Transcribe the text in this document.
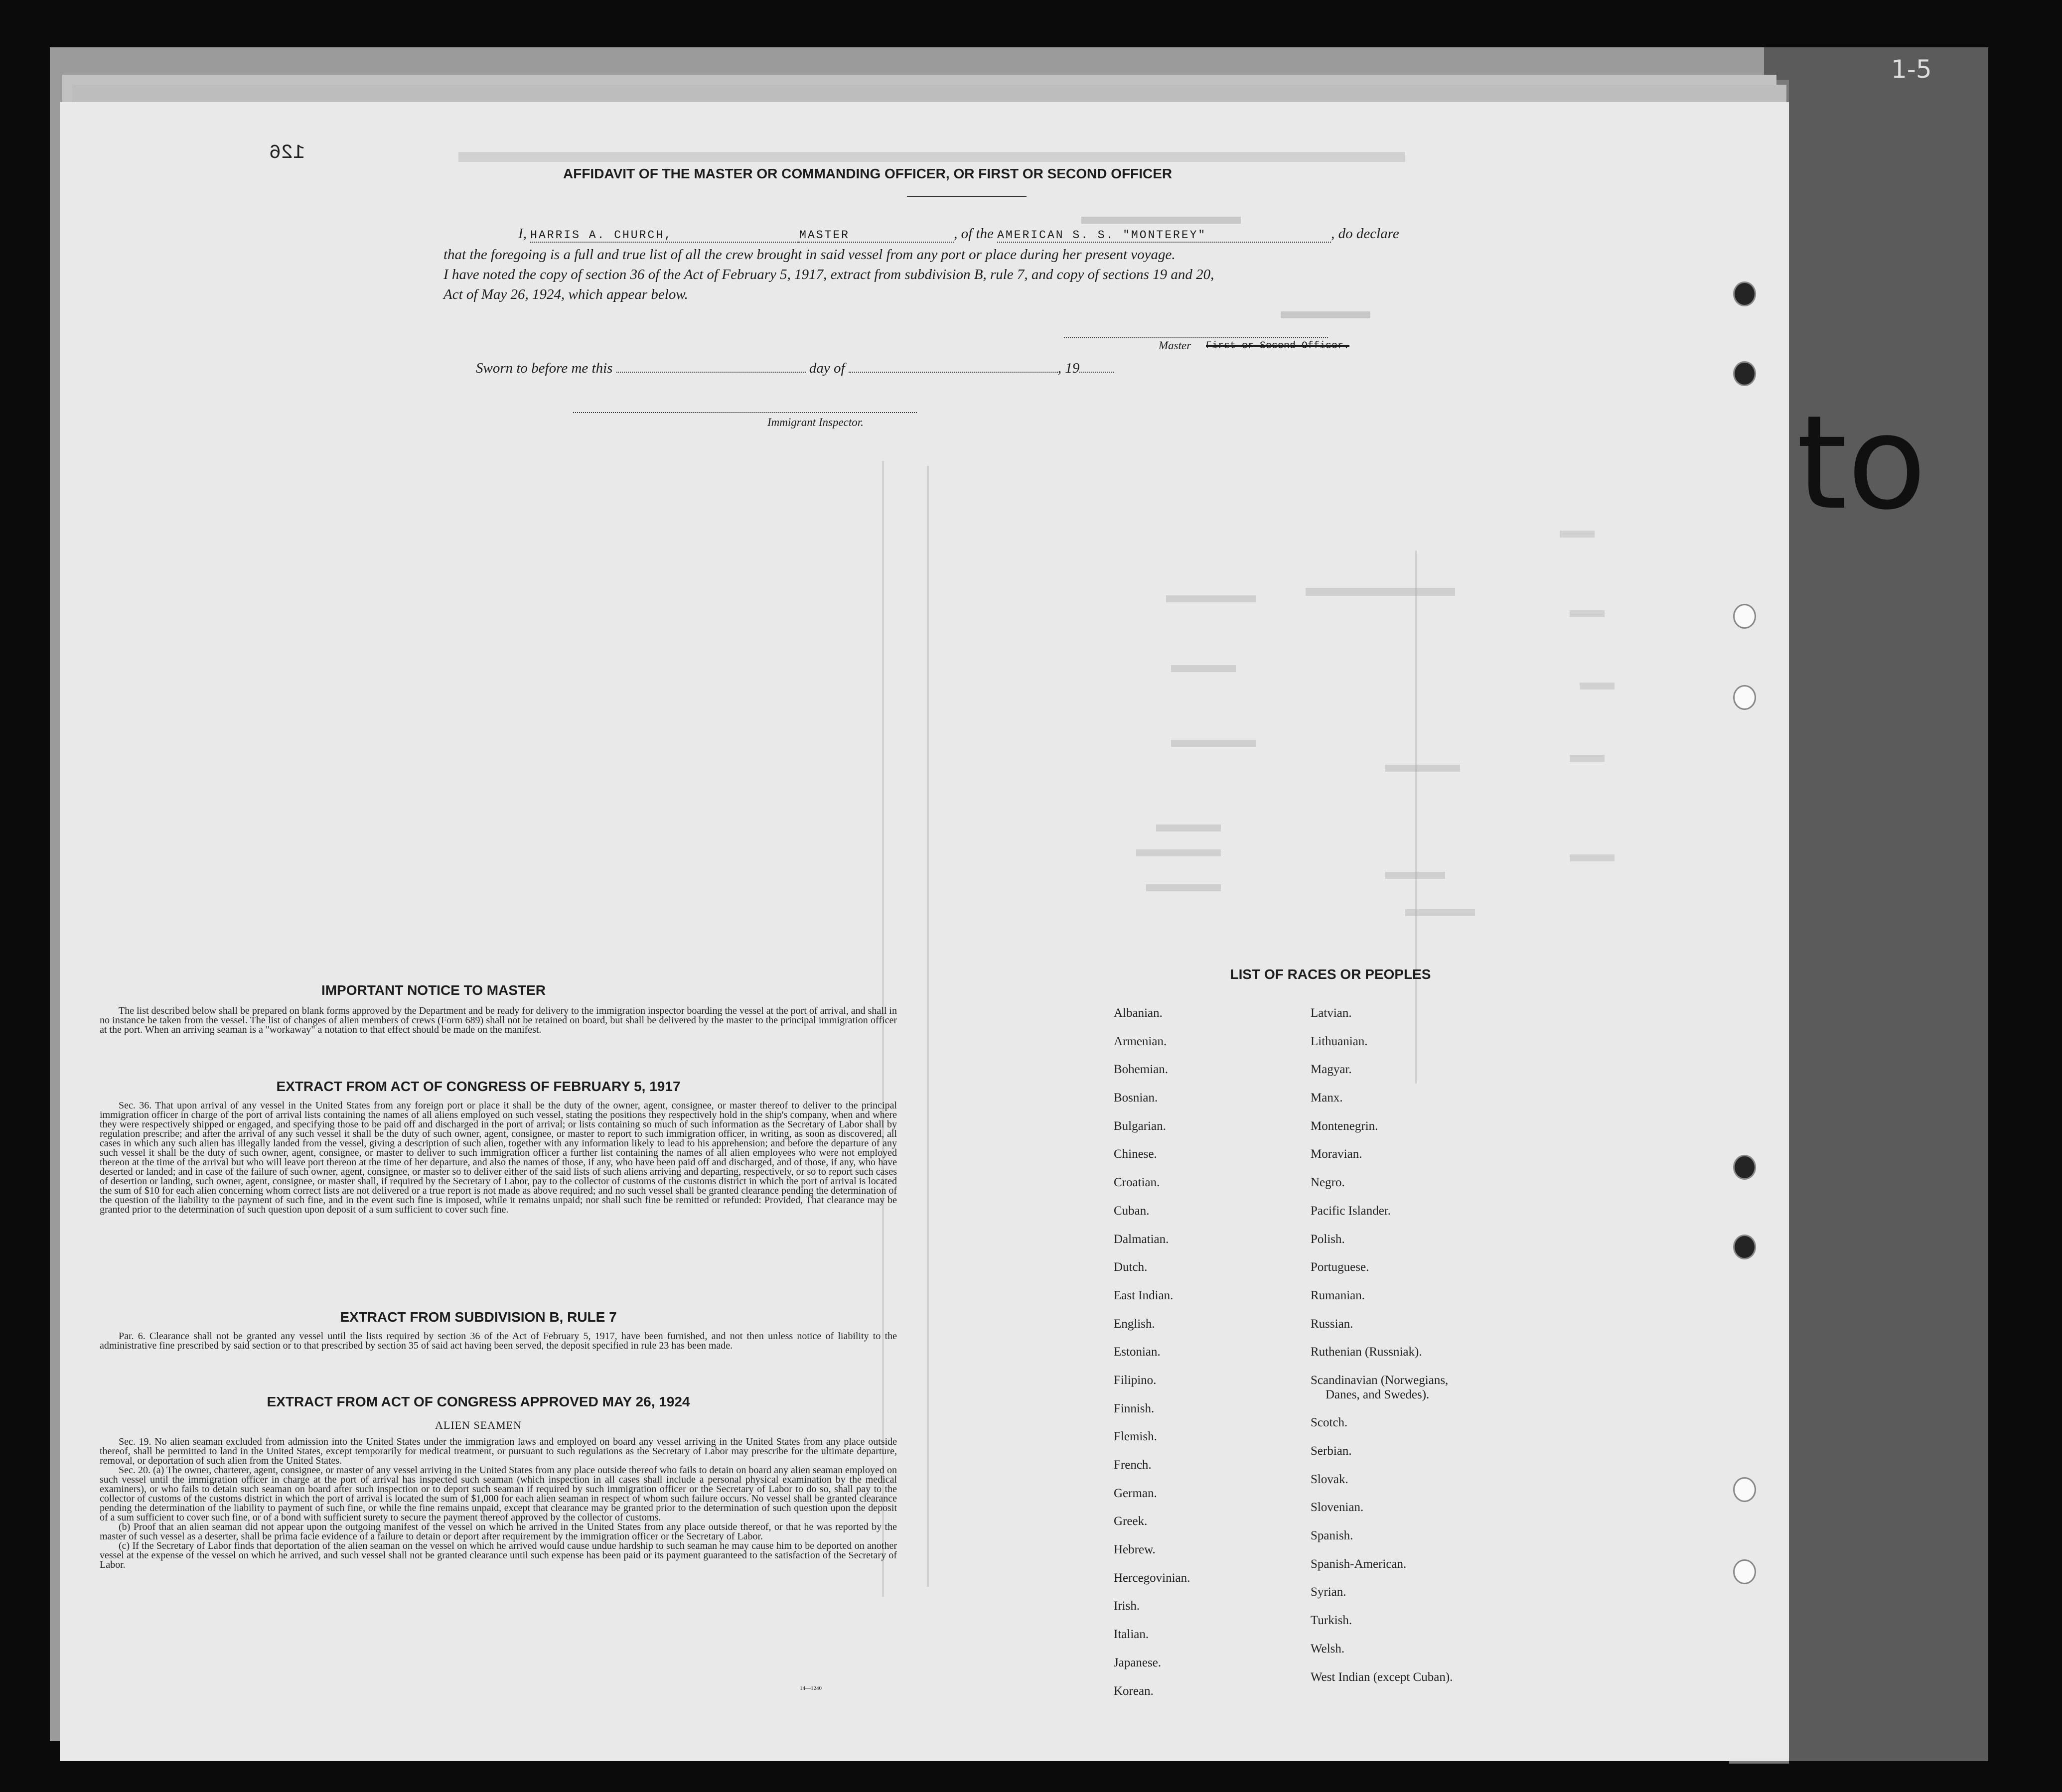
1-5
to
126
AFFIDAVIT OF THE MASTER OR COMMANDING OFFICER, OR FIRST OR SECOND OFFICER
I, HARRIS A. CHURCH,	MASTER	, of the AMERICAN S. S. "MONTEREY"	, do declare
that the foregoing is a full and true list of all the crew brought in said vessel from any port or place during her present voyage.
I have noted the copy of section 36 of the Act of February 5, 1917, extract from subdivision B, rule 7, and copy of sections 19 and 20,
Act of May 26, 1924, which appear below.
Master First or Second Officer.
Sworn to before me this	day of	, 19
Immigrant Inspector.
IMPORTANT NOTICE TO MASTER

The list described below shall be prepared on blank forms approved by the Department and be ready for delivery to the immigration inspector boarding the vessel at the port of arrival, and shall in no instance be taken from the vessel. The list of changes of alien members of crews (Form 689) shall not be retained on board, but shall be delivered by the master to the principal immigration officer at the port. When an arriving seaman is a "workaway" a notation to that effect should be made on the manifest.

EXTRACT FROM ACT OF CONGRESS OF FEBRUARY 5, 1917

Sec. 36. That upon arrival of any vessel in the United States from any foreign port or place it shall be the duty of the owner, agent, consignee, or master thereof to deliver to the principal immigration officer in charge of the port of arrival lists containing the names of all aliens employed on such vessel, stating the positions they respectively hold in the ship's company, when and where they were respectively shipped or engaged, and specifying those to be paid off and discharged in the port of arrival; or lists containing so much of such information as the Secretary of Labor shall by regulation prescribe; and after the arrival of any such vessel it shall be the duty of such owner, agent, consignee, or master to report to such immigration officer, in writing, as soon as discovered, all cases in which any such alien has illegally landed from the vessel, giving a description of such alien, together with any information likely to lead to his apprehension; and before the departure of any such vessel it shall be the duty of such owner, agent, consignee, or master to deliver to such immigration officer a further list containing the names of all alien employees who were not employed thereon at the time of the arrival but who will leave port thereon at the time of her departure, and also the names of those, if any, who have been paid off and discharged, and of those, if any, who have deserted or landed; and in case of the failure of such owner, agent, consignee, or master so to deliver either of the said lists of such aliens arriving and departing, respectively, or so to report such cases of desertion or landing, such owner, agent, consignee, or master shall, if required by the Secretary of Labor, pay to the collector of customs of the customs district in which the port of arrival is located the sum of $10 for each alien concerning whom correct lists are not delivered or a true report is not made as above required; and no such vessel shall be granted clearance pending the determination of the question of the liability to the payment of such fine, and in the event such fine is imposed, while it remains unpaid; nor shall such fine be remitted or refunded: Provided, That clearance may be granted prior to the determination of such question upon deposit of a sum sufficient to cover such fine.

EXTRACT FROM SUBDIVISION B, RULE 7

Par. 6. Clearance shall not be granted any vessel until the lists required by section 36 of the Act of February 5, 1917, have been furnished, and not then unless notice of liability to the administrative fine prescribed by said section or to that prescribed by section 35 of said act having been served, the deposit specified in rule 23 has been made.

EXTRACT FROM ACT OF CONGRESS APPROVED MAY 26, 1924
ALIEN SEAMEN

Sec. 19. No alien seaman excluded from admission into the United States under the immigration laws and employed on board any vessel arriving in the United States from any place outside thereof, shall be permitted to land in the United States, except temporarily for medical treatment, or pursuant to such regulations as the Secretary of Labor may prescribe for the ultimate departure, removal, or deportation of such alien from the United States.

Sec. 20. (a) The owner, charterer, agent, consignee, or master of any vessel arriving in the United States from any place outside thereof who fails to detain on board any alien seaman employed on such vessel until the immigration officer in charge at the port of arrival has inspected such seaman (which inspection in all cases shall include a personal physical examination by the medical examiners), or who fails to detain such seaman on board after such inspection or to deport such seaman if required by such immigration officer or the Secretary of Labor to do so, shall pay to the collector of customs of the customs district in which the port of arrival is located the sum of $1,000 for each alien seaman in respect of whom such failure occurs. No vessel shall be granted clearance pending the determination of the liability to payment of such fine, or while the fine remains unpaid, except that clearance may be granted prior to the determination of such question upon the deposit of a sum sufficient to cover such fine, or of a bond with sufficient surety to secure the payment thereof approved by the collector of customs.

(b) Proof that an alien seaman did not appear upon the outgoing manifest of the vessel on which he arrived in the United States from any place outside thereof, or that he was reported by the master of such vessel as a deserter, shall be prima facie evidence of a failure to detain or deport after requirement by the immigration officer or the Secretary of Labor.

(c) If the Secretary of Labor finds that deportation of the alien seaman on the vessel on which he arrived would cause undue hardship to such seaman he may cause him to be deported on another vessel at the expense of the vessel on which he arrived, and such vessel shall not be granted clearance until such expense has been paid or its payment guaranteed to the satisfaction of the Secretary of Labor.

14—1240
LIST OF RACES OR PEOPLES
Albanian.
Armenian.
Bohemian.
Bosnian.
Bulgarian.
Chinese.
Croatian.
Cuban.
Dalmatian.
Dutch.
East Indian.
English.
Estonian.
Filipino.
Finnish.
Flemish.
French.
German.
Greek.
Hebrew.
Hercegovinian.
Irish.
Italian.
Japanese.
Korean.
Latvian.
Lithuanian.
Magyar.
Manx.
Montenegrin.
Moravian.
Negro.
Pacific Islander.
Polish.
Portuguese.
Rumanian.
Russian.
Ruthenian (Russniak).
Scandinavian (Norwegians,
Danes, and Swedes).
Scotch.
Serbian.
Slovak.
Slovenian.
Spanish.
Spanish-American.
Syrian.
Turkish.
Welsh.
West Indian (except Cuban).
